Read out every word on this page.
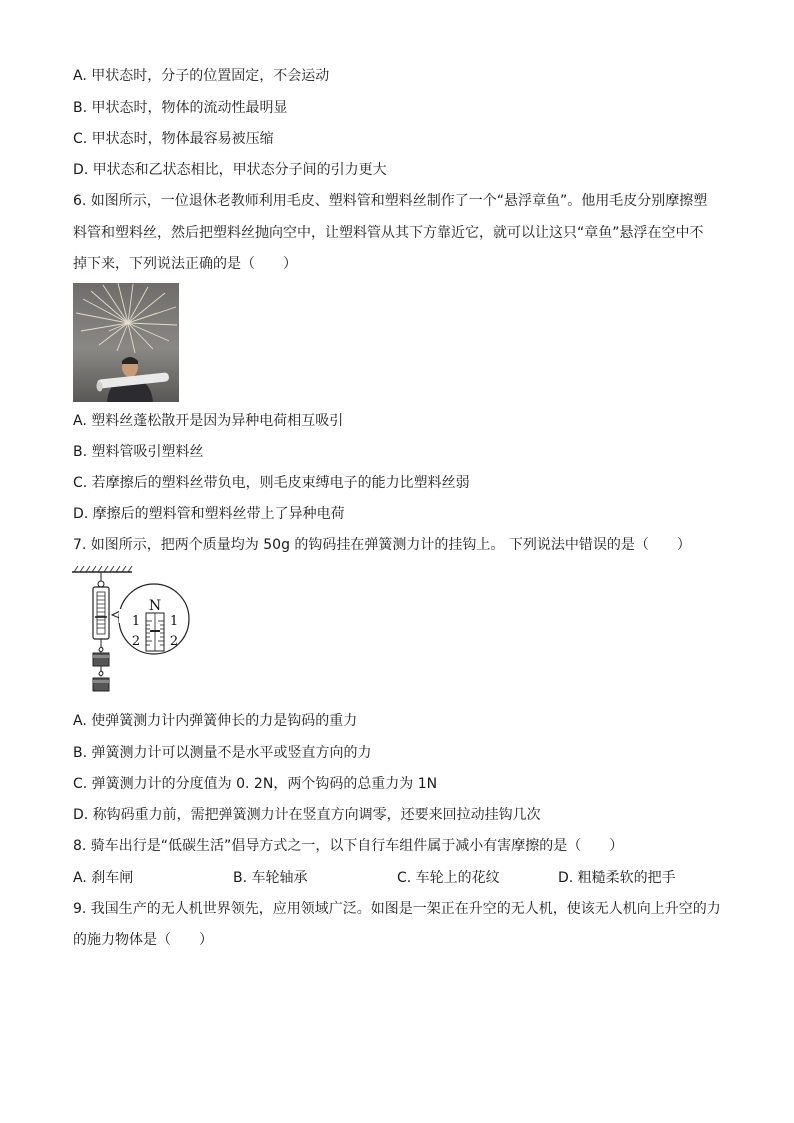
A. 甲状态时，分子的位置固定，不会运动
B. 甲状态时，物体的流动性最明显
C. 甲状态时，物体最容易被压缩
D. 甲状态和乙状态相比，甲状态分子间的引力更大
6. 如图所示，一位退休老教师利用毛皮、塑料管和塑料丝制作了一个“悬浮章鱼”。他用毛皮分别摩擦塑
料管和塑料丝，然后把塑料丝抛向空中，让塑料管从其下方靠近它，就可以让这只“章鱼”悬浮在空中不
掉下来，下列说法正确的是（　　）
A. 塑料丝蓬松散开是因为异种电荷相互吸引
B. 塑料管吸引塑料丝
C. 若摩擦后的塑料丝带负电，则毛皮束缚电子的能力比塑料丝弱
D. 摩擦后的塑料管和塑料丝带上了异种电荷
7. 如图所示，把两个质量均为 50g 的钩码挂在弹簧测力计的挂钩上。 下列说法中错误的是（　　）
N
1
2
1
2
A. 使弹簧测力计内弹簧伸长的力是钩码的重力
B. 弹簧测力计可以测量不是水平或竖直方向的力
C. 弹簧测力计的分度值为 0. 2N，两个钩码的总重力为 1N
D. 称钩码重力前，需把弹簧测力计在竖直方向调零，还要来回拉动挂钩几次
8. 骑车出行是“低碳生活”倡导方式之一，以下自行车组件属于减小有害摩擦的是（　　）
A. 刹车闸	B. 车轮轴承	C. 车轮上的花纹	D. 粗糙柔软的把手
9. 我国生产的无人机世界领先，应用领域广泛。如图是一架正在升空的无人机，使该无人机向上升空的力
的施力物体是（　　）
